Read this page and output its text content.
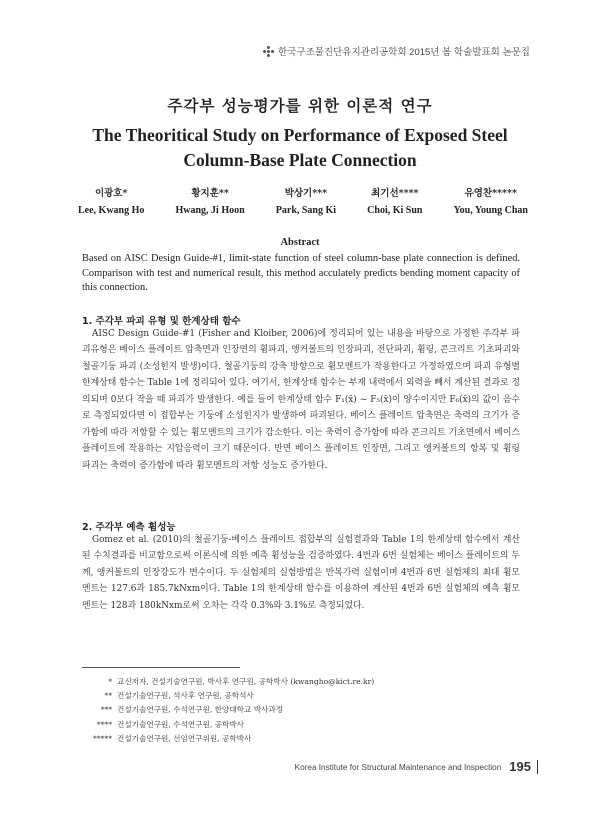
한국구조물진단유지관리공학회 2015년 봄 학술발표회 논문집
주각부 성능평가를 위한 이론적 연구
The Theoritical Study on Performance of Exposed Steel Column-Base Plate Connection
이광호*
Lee, Kwang Ho
황지훈**
Hwang, Ji Hoon
박상기***
Park, Sang Ki
최기선****
Choi, Ki Sun
유영찬*****
You, Young Chan
Abstract
Based on AISC Design Guide-#1, limit-state function of steel column-base plate connection is defined. Comparison with test and numerical result, this method acculately predicts bending moment capacity of this connection.
1. 주각부 파괴 유형 및 한계상태 함수
AISC Design Guide-#1 (Fisher and Kloiber, 2006)에 정리되어 있는 내용을 바탕으로 가정한 주각부 파괴유형은 베이스 플레이트 압축면과 인장면의 휨파괴, 앵커볼트의 인장파괴, 전단파괴, 휨링, 콘크리트 기초파괴와 철골기둥 파괴 (소성힌지 발생)이다. 철골기둥의 강축 방향으로 휨모멘트가 작용한다고 가정하였으며 파괴 유형별 한계상태 함수는 Table 1에 정리되어 있다. 여기서, 한계상태 함수는 부재 내력에서 외력을 빼서 계산된 결과로 정의되며 0보다 작을 때 파괴가 발생한다. 예를 들어 한계상태 함수 F₁(x̄) ~ F₅(x̄)이 양수이지만 F₆(x̄)의 값이 음수로 측정되었다면 이 접합부는 기둥에 소성힌지가 발생하여 파괴된다. 베이스 플레이트 압축면은 축력의 크기가 증가함에 따라 저항할 수 있는 휨모멘트의 크기가 감소한다. 이는 축력이 증가함에 따라 콘크리트 기초면에서 베이스 플레이트에 작용하는 지압응력이 크기 때문이다. 반면 베이스 플레이트 인장면, 그리고 앵커볼트의 항복 및 휨링 파괴는 축력이 증가함에 따라 휨모멘트의 저항 성능도 증가한다.
2. 주각부 예측 휨성능
Gomez et al. (2010)의 철골기둥-베이스 플레이트 접합부의 실험결과와 Table 1의 한계상태 함수에서 계산된 수치결과를 비교함으로써 이론식에 의한 예측 휨성능을 검증하였다. 4번과 6번 실험체는 베이스 플레이트의 두께, 앵커볼트의 인장강도가 변수이다. 두 실험체의 실험방법은 반복가력 실험이며 4번과 6번 실험체의 최대 휨모멘트는 127.6과 185.7kNxm이다. Table 1의 한계상태 함수를 이용하여 계산된 4번과 6번 실험체의 예측 휨모멘트는 128과 180kNxm로써 오차는 각각 0.3%와 3.1%로 측정되었다.
* 교신저자, 건설기술연구원, 박사후 연구원, 공학박사 (kwangho@kict.re.kr)
** 건설기술연구원, 석사후 연구원, 공학석사
*** 건설기술연구원, 수석연구원, 한양대학교 박사과정
**** 건설기술연구원, 수석연구원, 공학박사
***** 건설기술연구원, 선임연구위원, 공학박사
Korea Institute for Structural Maintenance and Inspection 195
